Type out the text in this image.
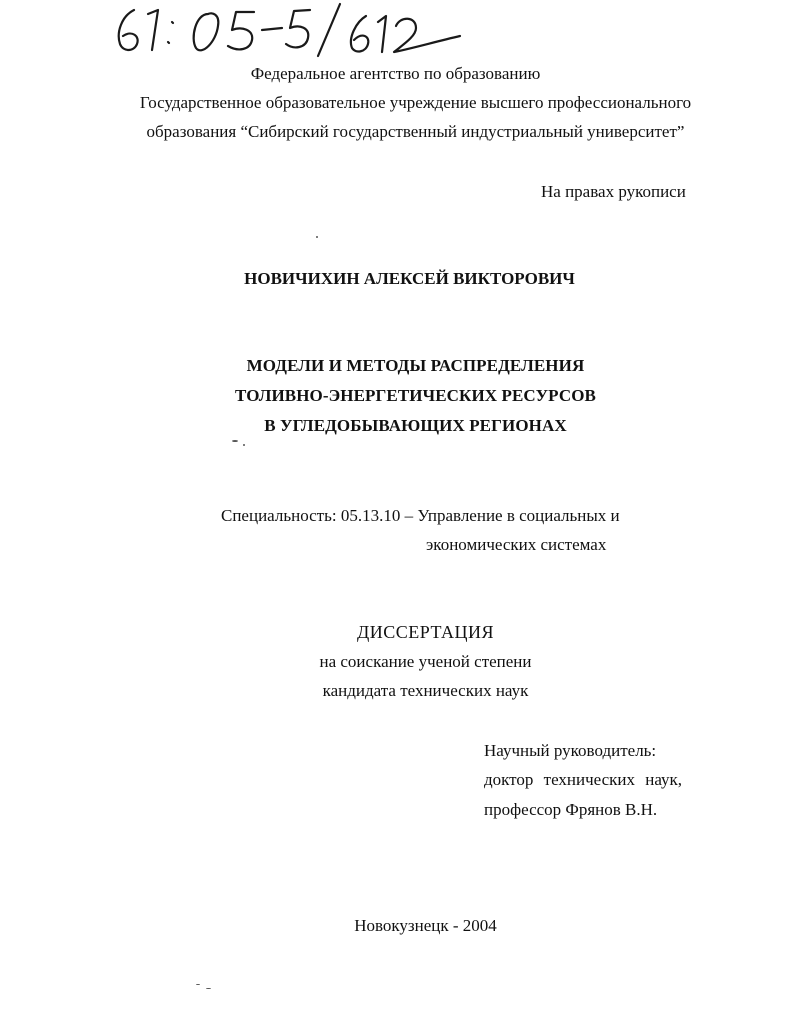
Федеральное агентство по образованию
Государственное образовательное учреждение высшего профессионального
образования “Сибирский государственный индустриальный университет”
На правах рукописи
НОВИЧИХИН АЛЕКСЕЙ ВИКТОРОВИЧ
МОДЕЛИ И МЕТОДЫ РАСПРЕДЕЛЕНИЯ
ТОЛИВНО-ЭНЕРГЕТИЧЕСКИХ РЕСУРСОВ
В УГЛЕДОБЫВАЮЩИХ РЕГИОНАХ
Специальность: 05.13.10 – Управление в социальных и
экономических системах
ДИССЕРТАЦИЯ
на соискание ученой степени
кандидата технических наук
Научный руководитель:
доктор технических наук,
профессор Фрянов В.Н.
Новокузнецк - 2004
